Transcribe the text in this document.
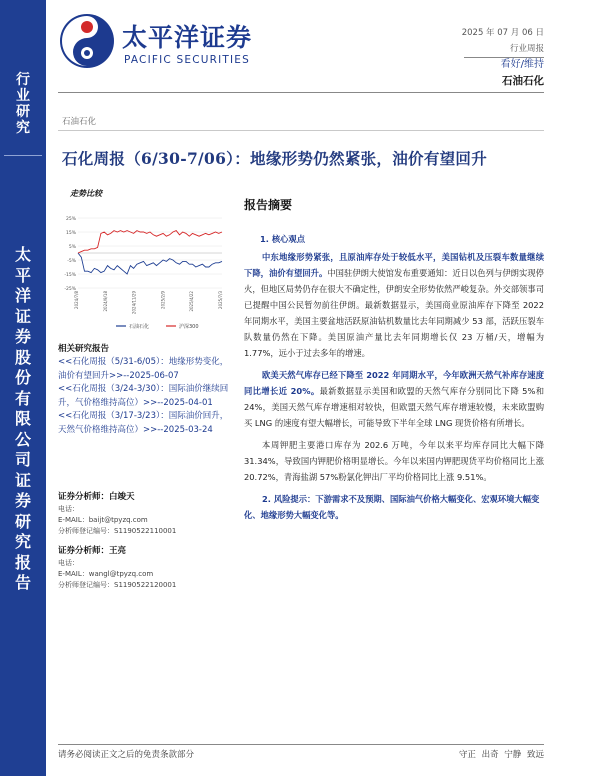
行
业
研
究
太
平
洋
证
券
股
份
有
限
公
司
证
券
研
究
报
告
太平洋证券
PACIFIC SECURITIES
2025 年 07 月 06 日
行业周报
看好/维持
石油石化
石油石化
石化周报（6/30-7/06）：地缘形势仍然紧张，油价有望回升
走势比较
25%
15%
5%
-5%
-15%
-25%
2024/7/8	2024/9/18	2024/11/29	2025/2/9	2025/4/22	2025/7/3
石油石化	沪深300
相关研究报告
<<石化周报（5/31-6/05）：地缘形势变化，油价有望回升>>--2025-06-07
<<石化周报（3/24-3/30）：国际油价继续回升，气价格维持高位）>>--2025-04-01
<<石化周报（3/17-3/23）：国际油价回升，天然气价格维持高位）>>--2025-03-24
证券分析师：白竣天
电话：
E-MAIL：baijt@tpyzq.com
分析师登记编号：S1190522110001
证券分析师：王亮
电话：
E-MAIL：wangl@tpyzq.com
分析师登记编号：S1190522120001
报告摘要
1. 核心观点
中东地缘形势紧张，且原油库存处于较低水平，美国钻机及压裂车数量继续下降，油价有望回升。中国驻伊朗大使馆发布重要通知：近日以色列与伊朗实现停火，但地区局势仍存在很大不确定性，伊朗安全形势依然严峻复杂。外交部领事司已提醒中国公民暂勿前往伊朗。最新数据显示，美国商业原油库存下降至 2022 年同期水平，美国主要盆地活跃原油钻机数量比去年同期减少 53 部，活跃压裂车队数量仍然在下降。美国原油产量比去年同期增长仅 23 万桶/天，增幅为 1.77%，远小于过去多年的增速。
欧美天然气库存已经下降至 2022 年同期水平，今年欧洲天然气补库存速度同比增长近 20%。最新数据显示美国和欧盟的天然气库存分别同比下降 5%和 24%，美国天然气库存增速相对较快，但欧盟天然气库存增速较慢，未来欧盟购买 LNG 的速度有望大幅增长，可能导致下半年全球 LNG 现货价格有所增长。
本周钾肥主要港口库存为 202.6 万吨，今年以来平均库存同比大幅下降 31.34%，导致国内钾肥价格明显增长。今年以来国内钾肥现货平均价格同比上涨 20.72%，青海盐湖 57%粉氯化钾出厂平均价格同比上涨 9.51%。
2. 风险提示：下游需求不及预期、国际油气价格大幅变化、宏观环境大幅变化、地缘形势大幅变化等。
请务必阅读正文之后的免责条款部分	守正 出奇 宁静 致远
